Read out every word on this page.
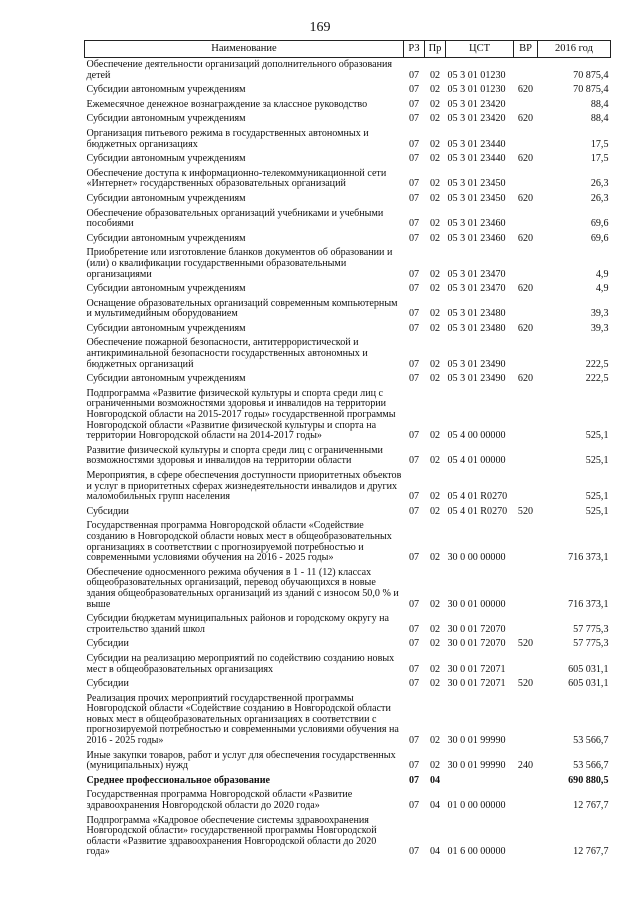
169
Наименование	РЗ	Пр	ЦСТ	ВР	2016 год
Обеспечение деятельности организаций дополнительного образования детей	07	02	05 3 01 01230		70 875,4
Субсидии автономным учреждениям	07	02	05 3 01 01230	620	70 875,4
Ежемесячное денежное вознаграждение за классное руководство	07	02	05 3 01 23420		88,4
Субсидии автономным учреждениям	07	02	05 3 01 23420	620	88,4
Организация питьевого режима в государственных автономных и бюджетных организациях	07	02	05 3 01 23440		17,5
Субсидии автономным учреждениям	07	02	05 3 01 23440	620	17,5
Обеспечение доступа к информационно-телекоммуникационной сети «Интернет» государственных образовательных организаций	07	02	05 3 01 23450		26,3
Субсидии автономным учреждениям	07	02	05 3 01 23450	620	26,3
Обеспечение образовательных организаций учебниками и учебными пособиями	07	02	05 3 01 23460		69,6
Субсидии автономным учреждениям	07	02	05 3 01 23460	620	69,6
Приобретение или изготовление бланков документов об образовании и (или) о квалификации государственными образовательными организациями	07	02	05 3 01 23470		4,9
Субсидии автономным учреждениям	07	02	05 3 01 23470	620	4,9
Оснащение образовательных организаций современным компьютерным и мультимедийным оборудованием	07	02	05 3 01 23480		39,3
Субсидии автономным учреждениям	07	02	05 3 01 23480	620	39,3
Обеспечение пожарной безопасности, антитеррористической и антикриминальной безопасности государственных автономных и бюджетных организаций	07	02	05 3 01 23490		222,5
Субсидии автономным учреждениям	07	02	05 3 01 23490	620	222,5
Подпрограмма «Развитие физической культуры и спорта среди лиц с ограниченными возможностями здоровья и инвалидов на территории Новгородской области на 2015-2017 годы» государственной программы Новгородской области «Развитие физической культуры и спорта на территории Новгородской области на 2014-2017 годы»	07	02	05 4 00 00000		525,1
Развитие физической культуры и спорта среди лиц с ограниченными возможностями здоровья и инвалидов на территории области	07	02	05 4 01 00000		525,1
Мероприятия, в сфере обеспечения доступности приоритетных объектов и услуг в приоритетных сферах жизнедеятельности инвалидов и других маломобильных групп населения	07	02	05 4 01 R0270		525,1
Субсидии	07	02	05 4 01 R0270	520	525,1
Государственная программа Новгородской области «Содействие созданию в Новгородской области новых мест в общеобразовательных организациях в соответствии с прогнозируемой потребностью и современными условиями обучения на 2016 - 2025 годы»	07	02	30 0 00 00000		716 373,1
Обеспечение односменного режима обучения в 1 - 11 (12) классах общеобразовательных организаций, перевод обучающихся в новые здания общеобразовательных организаций из зданий с износом 50,0 % и выше	07	02	30 0 01 00000		716 373,1
Субсидии бюджетам муниципальных районов и городскому округу на строительство зданий школ	07	02	30 0 01 72070		57 775,3
Субсидии	07	02	30 0 01 72070	520	57 775,3
Субсидии на реализацию мероприятий по содействию созданию новых мест в общеобразовательных организациях	07	02	30 0 01 72071		605 031,1
Субсидии	07	02	30 0 01 72071	520	605 031,1
Реализация прочих мероприятий государственной программы Новгородской области «Содействие созданию в Новгородской области новых мест в общеобразовательных организациях в соответствии с прогнозируемой потребностью и современными условиями обучения на 2016 - 2025 годы»	07	02	30 0 01 99990		53 566,7
Иные закупки товаров, работ и услуг для обеспечения государственных (муниципальных) нужд	07	02	30 0 01 99990	240	53 566,7
Среднее профессиональное образование	07	04			690 880,5
Государственная программа Новгородской области «Развитие здравоохранения Новгородской области до 2020 года»	07	04	01 0 00 00000		12 767,7
Подпрограмма «Кадровое обеспечение системы здравоохранения Новгородской области» государственной программы Новгородской области «Развитие здравоохранения Новгородской области до 2020 года»	07	04	01 6 00 00000		12 767,7
